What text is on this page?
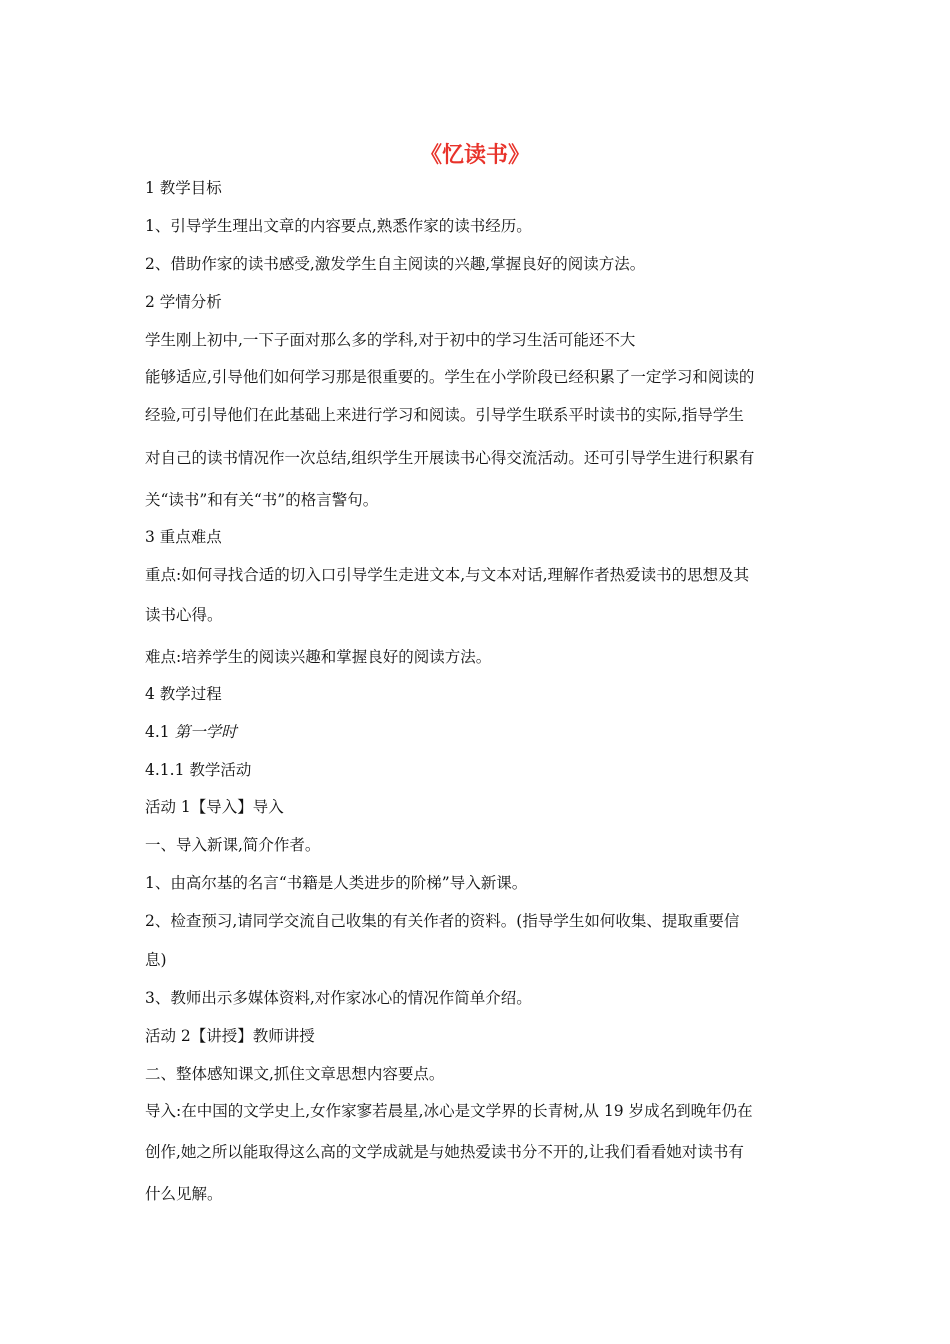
《忆读书》
1 教学目标
1、引导学生理出文章的内容要点,熟悉作家的读书经历。
2、借助作家的读书感受,激发学生自主阅读的兴趣,掌握良好的阅读方法。
2 学情分析
学生刚上初中,一下子面对那么多的学科,对于初中的学习生活可能还不大
能够适应,引导他们如何学习那是很重要的。学生在小学阶段已经积累了一定学习和阅读的
经验,可引导他们在此基础上来进行学习和阅读。引导学生联系平时读书的实际,指导学生
对自己的读书情况作一次总结,组织学生开展读书心得交流活动。还可引导学生进行积累有
关“读书”和有关“书”的格言警句。
3 重点难点
重点:如何寻找合适的切入口引导学生走进文本,与文本对话,理解作者热爱读书的思想及其
读书心得。
难点:培养学生的阅读兴趣和掌握良好的阅读方法。
4 教学过程
4.1 第一学时
4.1.1 教学活动
活动 1【导入】导入
一、导入新课,简介作者。
1、由高尔基的名言“书籍是人类进步的阶梯”导入新课。
2、检查预习,请同学交流自己收集的有关作者的资料。(指导学生如何收集、提取重要信
息)
3、教师出示多媒体资料,对作家冰心的情况作简单介绍。
活动 2【讲授】教师讲授
二、整体感知课文,抓住文章思想内容要点。
导入:在中国的文学史上,女作家寥若晨星,冰心是文学界的长青树,从 19 岁成名到晚年仍在
创作,她之所以能取得这么高的文学成就是与她热爱读书分不开的,让我们看看她对读书有
什么见解。
